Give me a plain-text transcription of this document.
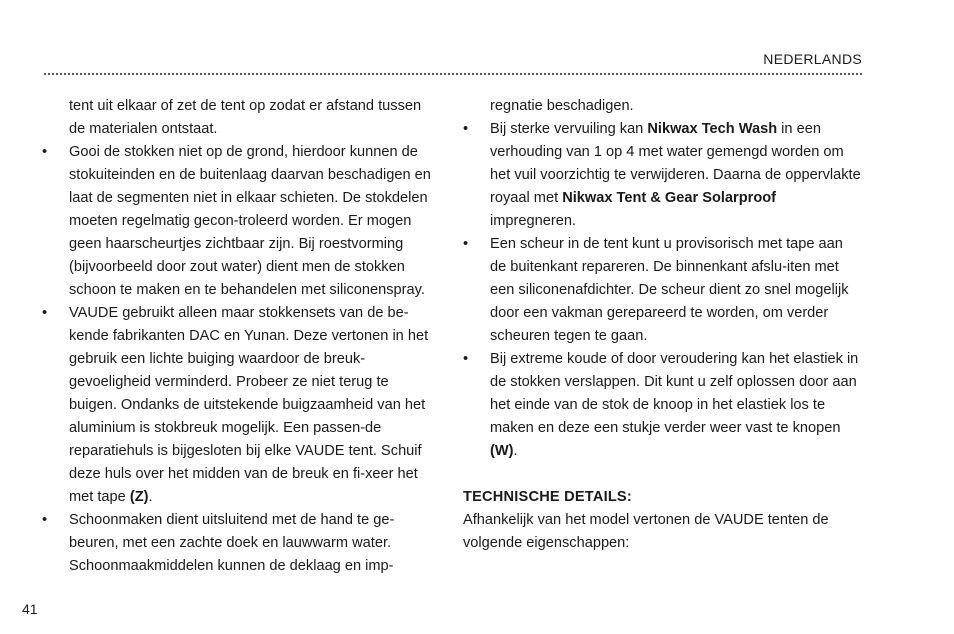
NEDERLANDS

tent uit elkaar of zet de tent op zodat er afstand tussen de materialen ontstaat.

•	Gooi de stokken niet op de grond, hierdoor kunnen de stokuiteinden en de buitenlaag daarvan beschadigen en laat de segmenten niet in elkaar schieten. De stokdelen moeten regelmatig gecon-troleerd worden. Er mogen geen haarscheurtjes zichtbaar zijn. Bij roestvorming (bijvoorbeeld door zout water) dient men de stokken schoon te maken en te behandelen met siliconenspray.
•	VAUDE gebruikt alleen maar stokkensets van de be-kende fabrikanten DAC en Yunan. Deze vertonen in het gebruik een lichte buiging waardoor de breuk-gevoeligheid verminderd. Probeer ze niet terug te buigen. Ondanks de uitstekende buigzaamheid van het aluminium is stokbreuk mogelijk. Een passen-de reparatiehuls is bijgesloten bij elke VAUDE tent. Schuif deze huls over het midden van de breuk en fi-xeer het met tape (Z).
•	Schoonmaken dient uitsluitend met de hand te ge-beuren, met een zachte doek en lauwwarm water. Schoonmaakmiddelen kunnen de deklaag en imp-

regnatie beschadigen.

•	Bij sterke vervuiling kan Nikwax Tech Wash in een verhouding van 1 op 4 met water gemengd worden om het vuil voorzichtig te verwijderen. Daarna de oppervlakte royaal met Nikwax Tent & Gear Solarproof impregneren.
•	Een scheur in de tent kunt u provisorisch met tape aan de buitenkant repareren. De binnenkant afslu-iten met een siliconenafdichter. De scheur dient zo snel mogelijk door een vakman gerepareerd te worden, om verder scheuren tegen te gaan.
•	Bij extreme koude of door veroudering kan het elastiek in de stokken verslappen. Dit kunt u zelf oplossen door aan het einde van de stok de knoop in het elastiek los te maken en deze een stukje verder weer vast te knopen (W).

TECHNISCHE DETAILS:

Afhankelijk van het model vertonen de VAUDE tenten de volgende eigenschappen:

41
